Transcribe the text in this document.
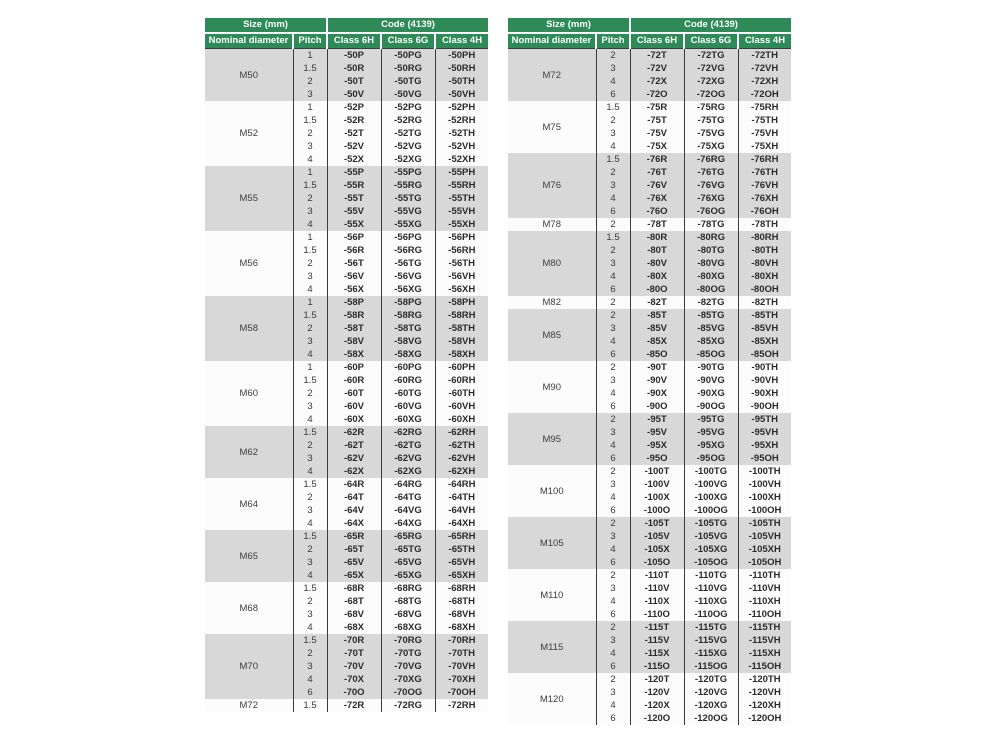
Size (mm)		Code (4139)		
Nominal diameter	Pitch	Class 6H	Class 6G	Class 4H
M50	1	-50P	-50PG	-50PH
	1.5	-50R	-50RG	-50RH
	2	-50T	-50TG	-50TH
	3	-50V	-50VG	-50VH
M52	1	-52P	-52PG	-52PH
	1.5	-52R	-52RG	-52RH
	2	-52T	-52TG	-52TH
	3	-52V	-52VG	-52VH
	4	-52X	-52XG	-52XH
M55	1	-55P	-55PG	-55PH
	1.5	-55R	-55RG	-55RH
	2	-55T	-55TG	-55TH
	3	-55V	-55VG	-55VH
	4	-55X	-55XG	-55XH
M56	1	-56P	-56PG	-56PH
	1.5	-56R	-56RG	-56RH
	2	-56T	-56TG	-56TH
	3	-56V	-56VG	-56VH
	4	-56X	-56XG	-56XH
M58	1	-58P	-58PG	-58PH
	1.5	-58R	-58RG	-58RH
	2	-58T	-58TG	-58TH
	3	-58V	-58VG	-58VH
	4	-58X	-58XG	-58XH
M60	1	-60P	-60PG	-60PH
	1.5	-60R	-60RG	-60RH
	2	-60T	-60TG	-60TH
	3	-60V	-60VG	-60VH
	4	-60X	-60XG	-60XH
M62	1.5	-62R	-62RG	-62RH
	2	-62T	-62TG	-62TH
	3	-62V	-62VG	-62VH
	4	-62X	-62XG	-62XH
M64	1.5	-64R	-64RG	-64RH
	2	-64T	-64TG	-64TH
	3	-64V	-64VG	-64VH
	4	-64X	-64XG	-64XH
M65	1.5	-65R	-65RG	-65RH
	2	-65T	-65TG	-65TH
	3	-65V	-65VG	-65VH
	4	-65X	-65XG	-65XH
M68	1.5	-68R	-68RG	-68RH
	2	-68T	-68TG	-68TH
	3	-68V	-68VG	-68VH
	4	-68X	-68XG	-68XH
M70	1.5	-70R	-70RG	-70RH
	2	-70T	-70TG	-70TH
	3	-70V	-70VG	-70VH
	4	-70X	-70XG	-70XH
	6	-70O	-70OG	-70OH
M72	1.5	-72R	-72RG	-72RH
Size (mm)		Code (4139)		
Nominal diameter	Pitch	Class 6H	Class 6G	Class 4H
M72	2	-72T	-72TG	-72TH
	3	-72V	-72VG	-72VH
	4	-72X	-72XG	-72XH
	6	-72O	-72OG	-72OH
M75	1.5	-75R	-75RG	-75RH
	2	-75T	-75TG	-75TH
	3	-75V	-75VG	-75VH
	4	-75X	-75XG	-75XH
M76	1.5	-76R	-76RG	-76RH
	2	-76T	-76TG	-76TH
	3	-76V	-76VG	-76VH
	4	-76X	-76XG	-76XH
	6	-76O	-76OG	-76OH
M78	2	-78T	-78TG	-78TH
M80	1.5	-80R	-80RG	-80RH
	2	-80T	-80TG	-80TH
	3	-80V	-80VG	-80VH
	4	-80X	-80XG	-80XH
	6	-80O	-80OG	-80OH
M82	2	-82T	-82TG	-82TH
M85	2	-85T	-85TG	-85TH
	3	-85V	-85VG	-85VH
	4	-85X	-85XG	-85XH
	6	-85O	-85OG	-85OH
M90	2	-90T	-90TG	-90TH
	3	-90V	-90VG	-90VH
	4	-90X	-90XG	-90XH
	6	-90O	-90OG	-90OH
M95	2	-95T	-95TG	-95TH
	3	-95V	-95VG	-95VH
	4	-95X	-95XG	-95XH
	6	-95O	-95OG	-95OH
M100	2	-100T	-100TG	-100TH
	3	-100V	-100VG	-100VH
	4	-100X	-100XG	-100XH
	6	-100O	-100OG	-100OH
M105	2	-105T	-105TG	-105TH
	3	-105V	-105VG	-105VH
	4	-105X	-105XG	-105XH
	6	-105O	-105OG	-105OH
M110	2	-110T	-110TG	-110TH
	3	-110V	-110VG	-110VH
	4	-110X	-110XG	-110XH
	6	-110O	-110OG	-110OH
M115	2	-115T	-115TG	-115TH
	3	-115V	-115VG	-115VH
	4	-115X	-115XG	-115XH
	6	-115O	-115OG	-115OH
M120	2	-120T	-120TG	-120TH
	3	-120V	-120VG	-120VH
	4	-120X	-120XG	-120XH
	6	-120O	-120OG	-120OH
